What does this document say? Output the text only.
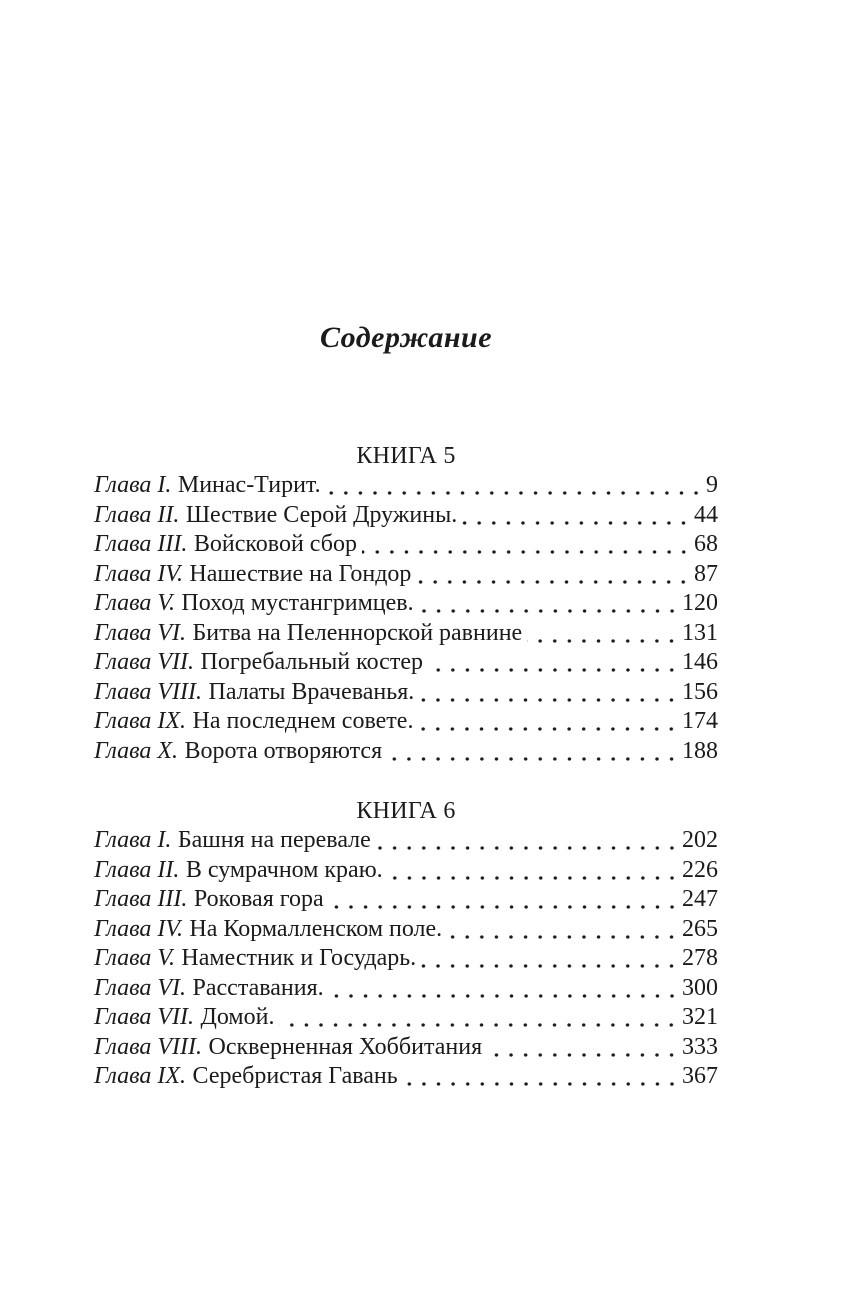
Содержание
КНИГА 5
Глава I. Минас-Тирит.	9
Глава II. Шествие Серой Дружины.	44
Глава III. Войсковой сбор	68
Глава IV. Нашествие на Гондор	87
Глава V. Поход мустангримцев.	120
Глава VI. Битва на Пеленнорской равнине	131
Глава VII. Погребальный костер	146
Глава VIII. Палаты Врачеванья.	156
Глава IX. На последнем совете.	174
Глава X. Ворота отворяются	188
КНИГА 6
Глава I. Башня на перевале	202
Глава II. В сумрачном краю.	226
Глава III. Роковая гора	247
Глава IV. На Кормалленском поле.	265
Глава V. Наместник и Государь.	278
Глава VI. Расставания.	300
Глава VII. Домой.	321
Глава VIII. Оскверненная Хоббитания	333
Глава IX. Серебристая Гавань	367
